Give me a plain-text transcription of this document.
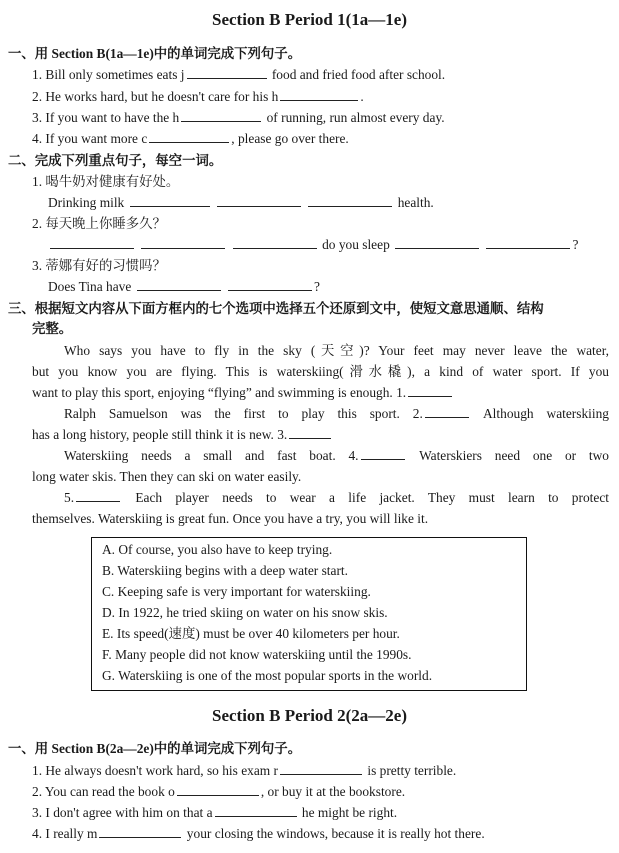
Section B Period 1(1a—1e)
一、用 Section B(1a—1e)中的单词完成下列句子。
1. Bill only sometimes eats j	food and fried food after school.
2. He works hard, but he doesn't care for his h	.
3. If you want to have the h	of running, run almost every day.
4. If you want more c	, please go over there.
二、完成下列重点句子，每空一词。
1. 喝牛奶对健康有好处。
Drinking milk	health.
2. 每天晚上你睡多久？
do you sleep	?
3. 蒂娜有好的习惯吗？
Does Tina have	?
三、根据短文内容从下面方框内的七个选项中选择五个还原到文中，使短文意思通顺、结构
完整。
Who says you have to fly in the sky (天空)? Your feet may never leave the water,
but you know you are flying. This is waterskiing(滑水橇), a kind of water sport. If you
want to play this sport, enjoying “flying” and swimming is enough. 1.
Ralph Samuelson was the first to play this sport. 2.	Although waterskiing
has a long history, people still think it is new. 3.
Waterskiing needs a small and fast boat. 4.	Waterskiers need one or two
long water skis. Then they can ski on water easily.
5.	Each player needs to wear a life jacket. They must learn to protect
themselves. Waterskiing is great fun. Once you have a try, you will like it.
A. Of course, you also have to keep trying.
B. Waterskiing begins with a deep water start.
C. Keeping safe is very important for waterskiing.
D. In 1922, he tried skiing on water on his snow skis.
E. Its speed(速度) must be over 40 kilometers per hour.
F. Many people did not know waterskiing until the 1990s.
G. Waterskiing is one of the most popular sports in the world.
Section B Period 2(2a—2e)
一、用 Section B(2a—2e)中的单词完成下列句子。
1. He always doesn't work hard, so his exam r	is pretty terrible.
2. You can read the book o	, or buy it at the bookstore.
3. I don't agree with him on that a	he might be right.
4. I really m	your closing the windows, because it is really hot there.
